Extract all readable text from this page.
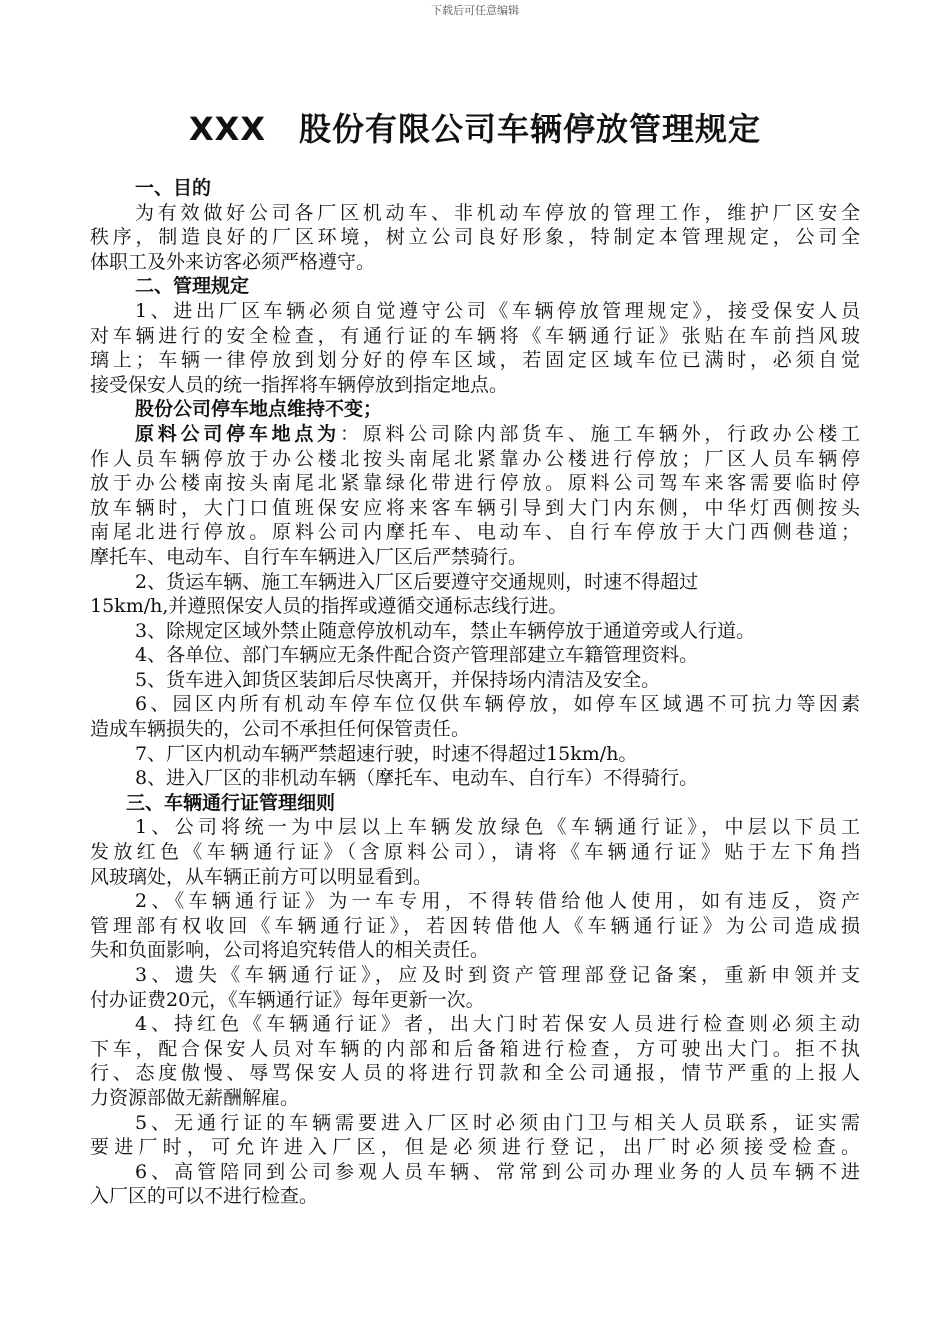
下载后可任意编辑
XXX　股份有限公司车辆停放管理规定
一、目的
为有效做好公司各厂区机动车、非机动车停放的管理工作，维护厂区安全
秩序，制造良好的厂区环境，树立公司良好形象，特制定本管理规定，公司全
体职工及外来访客必须严格遵守。
二、管理规定
1、进出厂区车辆必须自觉遵守公司《车辆停放管理规定》，接受保安人员
对车辆进行的安全检查，有通行证的车辆将《车辆通行证》张贴在车前挡风玻
璃上；车辆一律停放到划分好的停车区域，若固定区域车位已满时，必须自觉
接受保安人员的统一指挥将车辆停放到指定地点。
股份公司停车地点维持不变；
原料公司停车地点为：原料公司除内部货车、施工车辆外，行政办公楼工
作人员车辆停放于办公楼北按头南尾北紧靠办公楼进行停放；厂区人员车辆停
放于办公楼南按头南尾北紧靠绿化带进行停放。原料公司驾车来客需要临时停
放车辆时，大门口值班保安应将来客车辆引导到大门内东侧，中华灯西侧按头
南尾北进行停放。原料公司内摩托车、电动车、自行车停放于大门西侧巷道；
摩托车、电动车、自行车车辆进入厂区后严禁骑行。
2、货运车辆、施工车辆进入厂区后要遵守交通规则，时速不得超过
15km/h,并遵照保安人员的指挥或遵循交通标志线行进。
3、除规定区域外禁止随意停放机动车，禁止车辆停放于通道旁或人行道。
4、各单位、部门车辆应无条件配合资产管理部建立车籍管理资料。
5、货车进入卸货区装卸后尽快离开，并保持场内清洁及安全。
6、园区内所有机动车停车位仅供车辆停放，如停车区域遇不可抗力等因素
造成车辆损失的，公司不承担任何保管责任。
7、厂区内机动车辆严禁超速行驶，时速不得超过15km/h。
8、进入厂区的非机动车辆（摩托车、电动车、自行车）不得骑行。
三、车辆通行证管理细则
1、公司将统一为中层以上车辆发放绿色《车辆通行证》，中层以下员工
发放红色《车辆通行证》（含原料公司），请将《车辆通行证》贴于左下角挡
风玻璃处，从车辆正前方可以明显看到。
2、《车辆通行证》为一车专用，不得转借给他人使用，如有违反，资产
管理部有权收回《车辆通行证》，若因转借他人《车辆通行证》为公司造成损
失和负面影响，公司将追究转借人的相关责任。
3、遗失《车辆通行证》，应及时到资产管理部登记备案，重新申领并支
付办证费20元，《车辆通行证》每年更新一次。
4、持红色《车辆通行证》者，出大门时若保安人员进行检查则必须主动
下车，配合保安人员对车辆的内部和后备箱进行检查，方可驶出大门。拒不执
行、态度傲慢、辱骂保安人员的将进行罚款和全公司通报，情节严重的上报人
力资源部做无薪酬解雇。
5、无通行证的车辆需要进入厂区时必须由门卫与相关人员联系，证实需
要进厂时，可允许进入厂区，但是必须进行登记，出厂时必须接受检查。
6、高管陪同到公司参观人员车辆、常常到公司办理业务的人员车辆不进
入厂区的可以不进行检查。
